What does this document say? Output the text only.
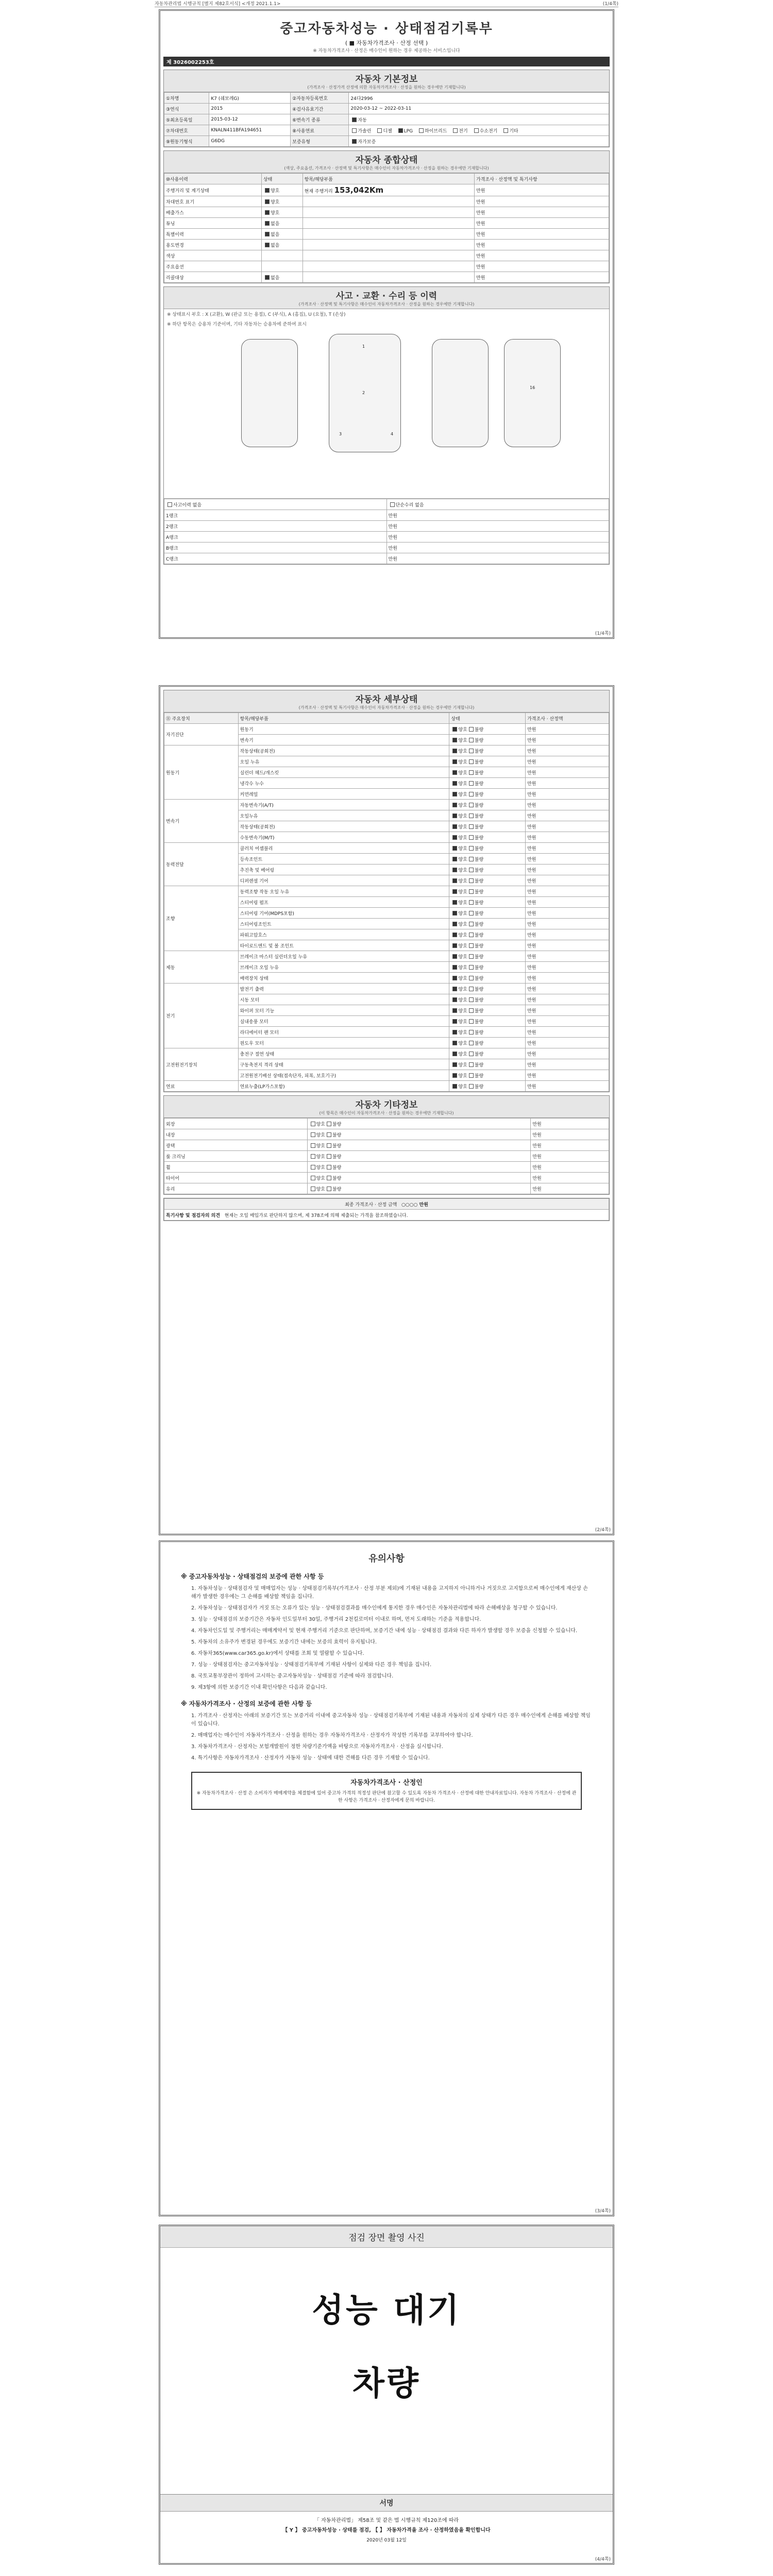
자동차관리법 시행규칙 [별지 제82호서식] <개정 2021.1.1>	(1/4쪽)
중고자동차성능 · 상태점검기록부
( ■ 자동차가격조사 · 산정 선택 )
※ 자동차가격조사 · 산정은 매수인이 원하는 경우 제공하는 서비스입니다
제 3026002253호
자동차 기본정보
(가격조사 · 산정가격 산정에 의한 자동차가격조사 · 산정을 원하는 경우에만 기재합니다)
①차명	K7 (쉐보레G)	②자동차등록번호	24다2996
③연식	2015	④검사유효기간	2020-03-12 ~ 2022-03-11
⑤최초등록일	2015-03-12	⑥변속기 종류	자동
⑦차대번호	KNALN411BFA194651	⑧사용연료	가솔린 디젤 LPG 하이브리드 전기 수소전기 기타
⑨원동기형식	G6DG	보증유형	자가보증
자동차 종합상태
(색상, 주요옵션, 가격조사 · 산정액 및 특기사항은 매수인이 자동차가격조사 · 산정을 원하는 경우에만 기재합니다)
⑩사용이력	상태	항목/해당부품	가격조사 · 산정액 및 특기사항
주행거리 및 계기상태	양호	현재 주행거리 153,042Km	만원
차대번호 표기	양호		만원
배출가스	양호		만원
튜닝	없음		만원
특별이력	없음		만원
용도변경	없음		만원
색상			만원
주요옵션			만원
리콜대상	없음		만원
사고 · 교환 · 수리 등 이력
(가격조사 · 산정액 및 특기사항은 매수인이 자동차가격조사 · 산정을 원하는 경우에만 기재합니다)
※ 상태표시 부호 : X (교환), W (판금 또는 용접), C (부식), A (흠집), U (요철), T (손상)
※ 하단 항목은 승용차 기준이며, 기타 자동차는 승용차에 준하여 표시
1
2
3	4
16
사고이력 없음	단순수리 없음
1랭크	만원
2랭크	만원
A랭크	만원
B랭크	만원
C랭크	만원
(1/4쪽)
자동차 세부상태
(가격조사 · 산정액 및 특기사항은 매수인이 자동차가격조사 · 산정을 원하는 경우에만 기재합니다)
⑪ 주요장치	항목/해당부품	상태	가격조사 · 산정액
자기진단	원동기	양호 불량	만원
	변속기	양호 불량	만원
원동기	작동상태(공회전)	양호 불량	만원
	오일 누유	양호 불량	만원
	실린더 헤드/개스킷	양호 불량	만원
	냉각수 누수	양호 불량	만원
	커먼레일	양호 불량	만원
변속기	자동변속기(A/T)	양호 불량	만원
	오일누유	양호 불량	만원
	작동상태(공회전)	양호 불량	만원
	수동변속기(M/T)	양호 불량	만원
동력전달	클러치 어셈블리	양호 불량	만원
	등속조인트	양호 불량	만원
	추진축 및 베어링	양호 불량	만원
	디퍼렌셜 기어	양호 불량	만원
조향	동력조향 작동 오일 누유	양호 불량	만원
	스티어링 펌프	양호 불량	만원
	스티어링 기어(MDPS포함)	양호 불량	만원
	스티어링조인트	양호 불량	만원
	파워고압호스	양호 불량	만원
	타이로드엔드 및 볼 조인트	양호 불량	만원
제동	브레이크 마스터 실린더오일 누유	양호 불량	만원
	브레이크 오일 누유	양호 불량	만원
	배력장치 상태	양호 불량	만원
전기	발전기 출력	양호 불량	만원
	시동 모터	양호 불량	만원
	와이퍼 모터 기능	양호 불량	만원
	실내송풍 모터	양호 불량	만원
	라디에이터 팬 모터	양호 불량	만원
	윈도우 모터	양호 불량	만원
고전원전기장치	충전구 절연 상태	양호 불량	만원
	구동축전지 격리 상태	양호 불량	만원
	고전원전기배선 상태(접속단자, 피복, 보호기구)	양호 불량	만원
연료	연료누출(LP가스포함)	양호 불량	만원
자동차 기타정보
(이 항목은 매수인이 자동차가격조사 · 산정을 원하는 경우에만 기재합니다)
외장	양호 불량	만원
내장	양호 불량	만원
광택	양호 불량	만원
룸 크리닝	양호 불량	만원
휠	양호 불량	만원
타이어	양호 불량	만원
유리	양호 불량	만원
최종 가격조사 · 산정 금액 ○○○○ 만원
특기사항 및 점검자의 의견 현재는 오일 매입가로 판단하지 않으며, 제 378조에 의해 제출되는 가격을 참조하였습니다.
(2/4쪽)
유의사항
※ 중고자동차성능 · 상태점검의 보증에 관한 사항 등

1. 자동차성능 · 상태점검자 및 매매업자는 성능 · 상태점검기록부(가격조사 · 산정 부분 제외)에 기재된 내용을 고지하지 아니하거나 거짓으로 고지함으로써 매수인에게 재산상 손해가 발생한 경우에는 그 손해를 배상할 책임을 집니다.

2. 자동차성능 · 상태점검자가 거짓 또는 오류가 있는 성능 · 상태점검결과를 매수인에게 통지한 경우 매수인은 자동차관리법에 따라 손해배상을 청구할 수 있습니다.

3. 성능 · 상태점검의 보증기간은 자동차 인도일부터 30일, 주행거리 2천킬로미터 이내로 하며, 먼저 도래하는 기준을 적용합니다.

4. 자동차인도일 및 주행거리는 매매계약서 및 현재 주행거리 기준으로 판단하며, 보증기간 내에 성능 · 상태점검 결과와 다른 하자가 발생할 경우 보증을 신청할 수 있습니다.

5. 자동차의 소유주가 변경된 경우에도 보증기간 내에는 보증의 효력이 유지됩니다.

6. 자동차365(www.car365.go.kr)에서 상태를 조회 및 열람할 수 있습니다.

7. 성능 · 상태점검자는 중고자동차성능 · 상태점검기록부에 기재된 사항이 실제와 다른 경우 책임을 집니다.

8. 국토교통부장관이 정하여 고시하는 중고자동차성능 · 상태점검 기준에 따라 점검합니다.

9. 제3항에 의한 보증기간 이내 확인사항은 다음과 같습니다.

※ 자동차가격조사 · 산정의 보증에 관한 사항 등

1. 가격조사 · 산정자는 아래의 보증기간 또는 보증거리 이내에 중고자동차 성능 · 상태점검기록부에 기재된 내용과 자동차의 실제 상태가 다른 경우 매수인에게 손해를 배상할 책임이 있습니다.

2. 매매업자는 매수인이 자동차가격조사 · 산정을 원하는 경우 자동차가격조사 · 산정자가 작성한 기록부를 교부하여야 합니다.

3. 자동차가격조사 · 산정자는 보험개발원이 정한 차량기준가액을 바탕으로 자동차가격조사 · 산정을 실시합니다.

4. 특기사항은 자동차가격조사 · 산정자가 자동차 성능 · 상태에 대한 견해를 다른 경우 기재할 수 있습니다.

자동차가격조사 · 산정인

※ 자동차가격조사 · 산정 은 소비자가 매매계약을 체결함에 있어 중고차 가격의 적정성 판단에 참고할 수 있도록 자동차 가격조사 · 산정에 대한 안내자료입니다. 자동차 가격조사 · 산정에 관한 사항은 가격조사 · 산정자에게 문의 바랍니다.

(3/4쪽)
점검 장면 촬영 사진
성능 대기
차량
서명

「 자동차관리법」 제58조 및 같은 법 시행규칙 제120조에 따라

【 Y 】 중고자동차성능 · 상태를 점검, 【 】 자동차가격을 조사 · 산정하였음을 확인합니다

2020년 03월 12일

(4/4쪽)
